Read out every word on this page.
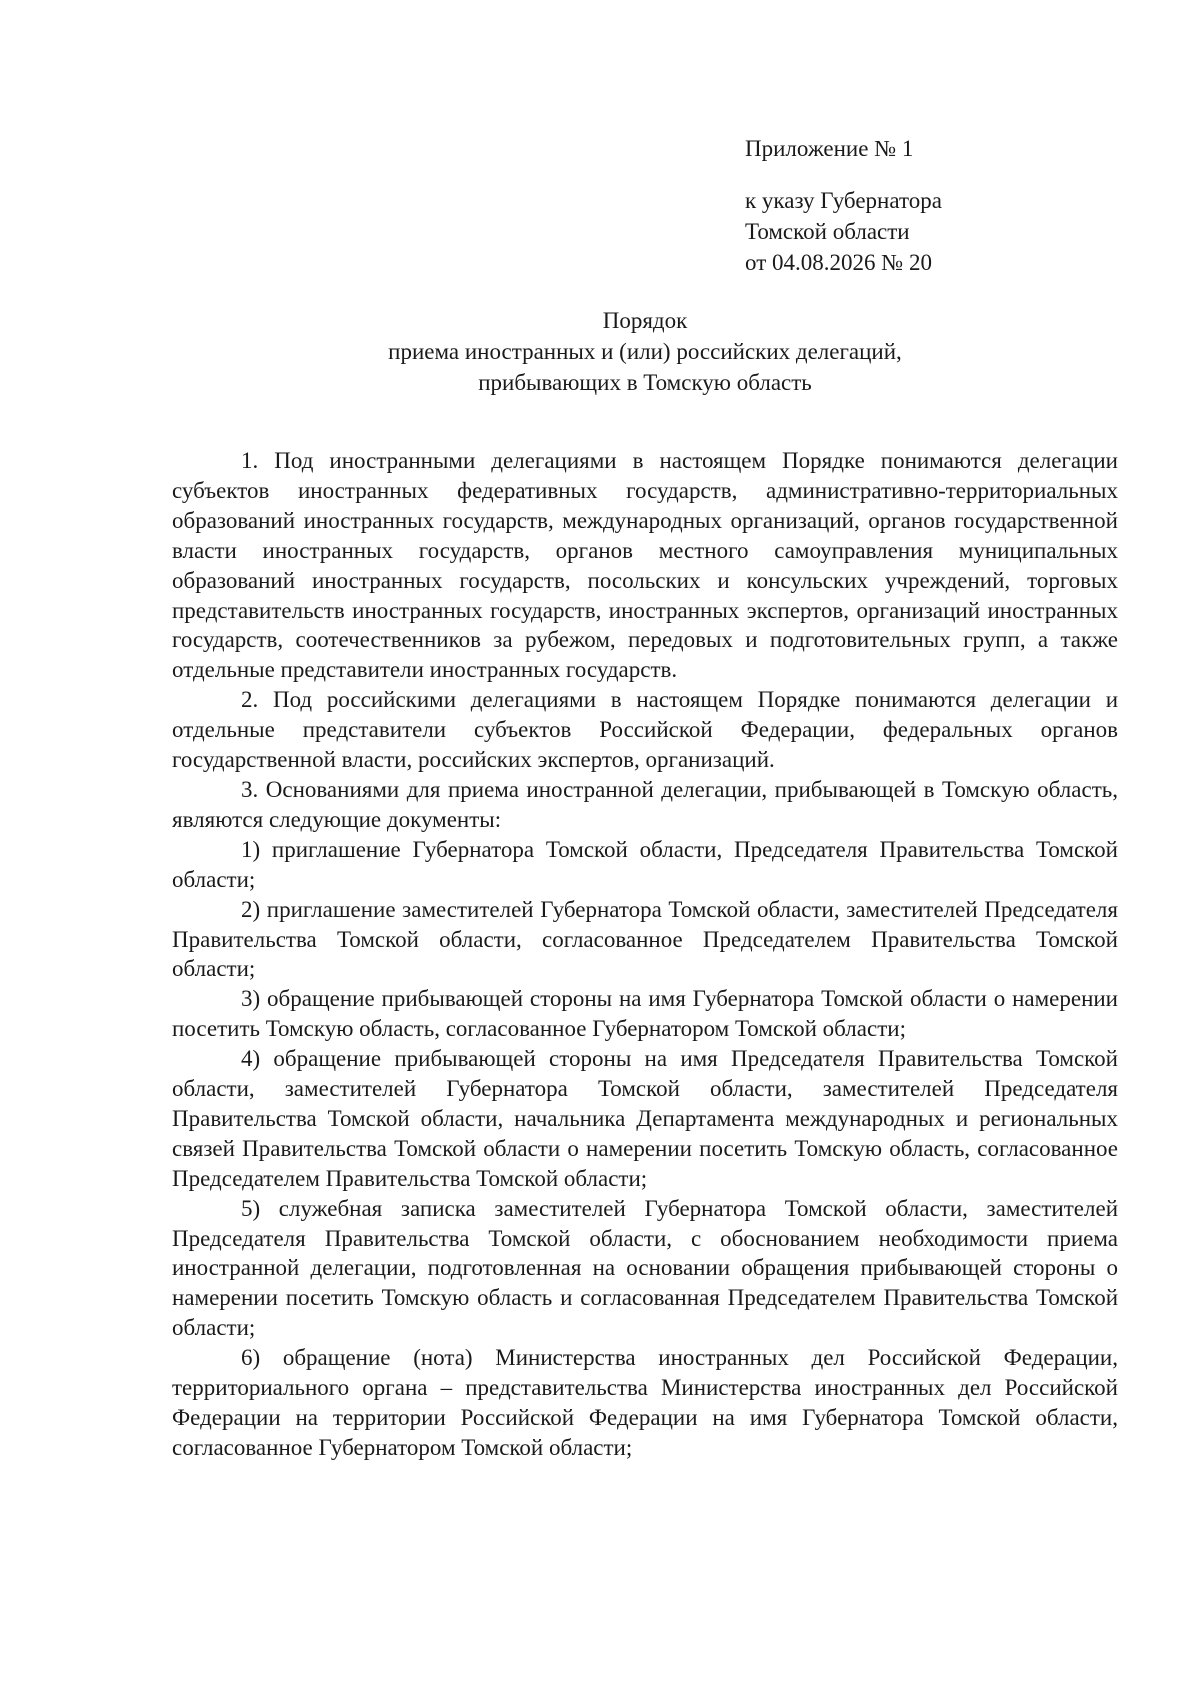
Приложение № 1
к указу Губернатора
Томской области
от 04.08.2026 № 20
Порядок
приема иностранных и (или) российских делегаций,
прибывающих в Томскую область

1. Под иностранными делегациями в настоящем Порядке понимаются делегации субъектов иностранных федеративных государств, административно-территориальных образований иностранных государств, международных организаций, органов государственной власти иностранных государств, органов местного самоуправления муниципальных образований иностранных государств, посольских и консульских учреждений, торговых представительств иностранных государств, иностранных экспертов, организаций иностранных государств, соотечественников за рубежом, передовых и подготовительных групп, а также отдельные представители иностранных государств.

2. Под российскими делегациями в настоящем Порядке понимаются делегации и отдельные представители субъектов Российской Федерации, федеральных органов государственной власти, российских экспертов, организаций.

3. Основаниями для приема иностранной делегации, прибывающей в Томскую область, являются следующие документы:

1) приглашение Губернатора Томской области, Председателя Правительства Томской области;

2) приглашение заместителей Губернатора Томской области, заместителей Председателя Правительства Томской области, согласованное Председателем Правительства Томской области;

3) обращение прибывающей стороны на имя Губернатора Томской области о намерении посетить Томскую область, согласованное Губернатором Томской области;

4) обращение прибывающей стороны на имя Председателя Правительства Томской области, заместителей Губернатора Томской области, заместителей Председателя Правительства Томской области, начальника Департамента международных и региональных связей Правительства Томской области о намерении посетить Томскую область, согласованное Председателем Правительства Томской области;

5) служебная записка заместителей Губернатора Томской области, заместителей Председателя Правительства Томской области, с обоснованием необходимости приема иностранной делегации, подготовленная на основании обращения прибывающей стороны о намерении посетить Томскую область и согласованная Председателем Правительства Томской области;

6) обращение (нота) Министерства иностранных дел Российской Федерации, территориального органа – представительства Министерства иностранных дел Российской Федерации на территории Российской Федерации на имя Губернатора Томской области, согласованное Губернатором Томской области;
